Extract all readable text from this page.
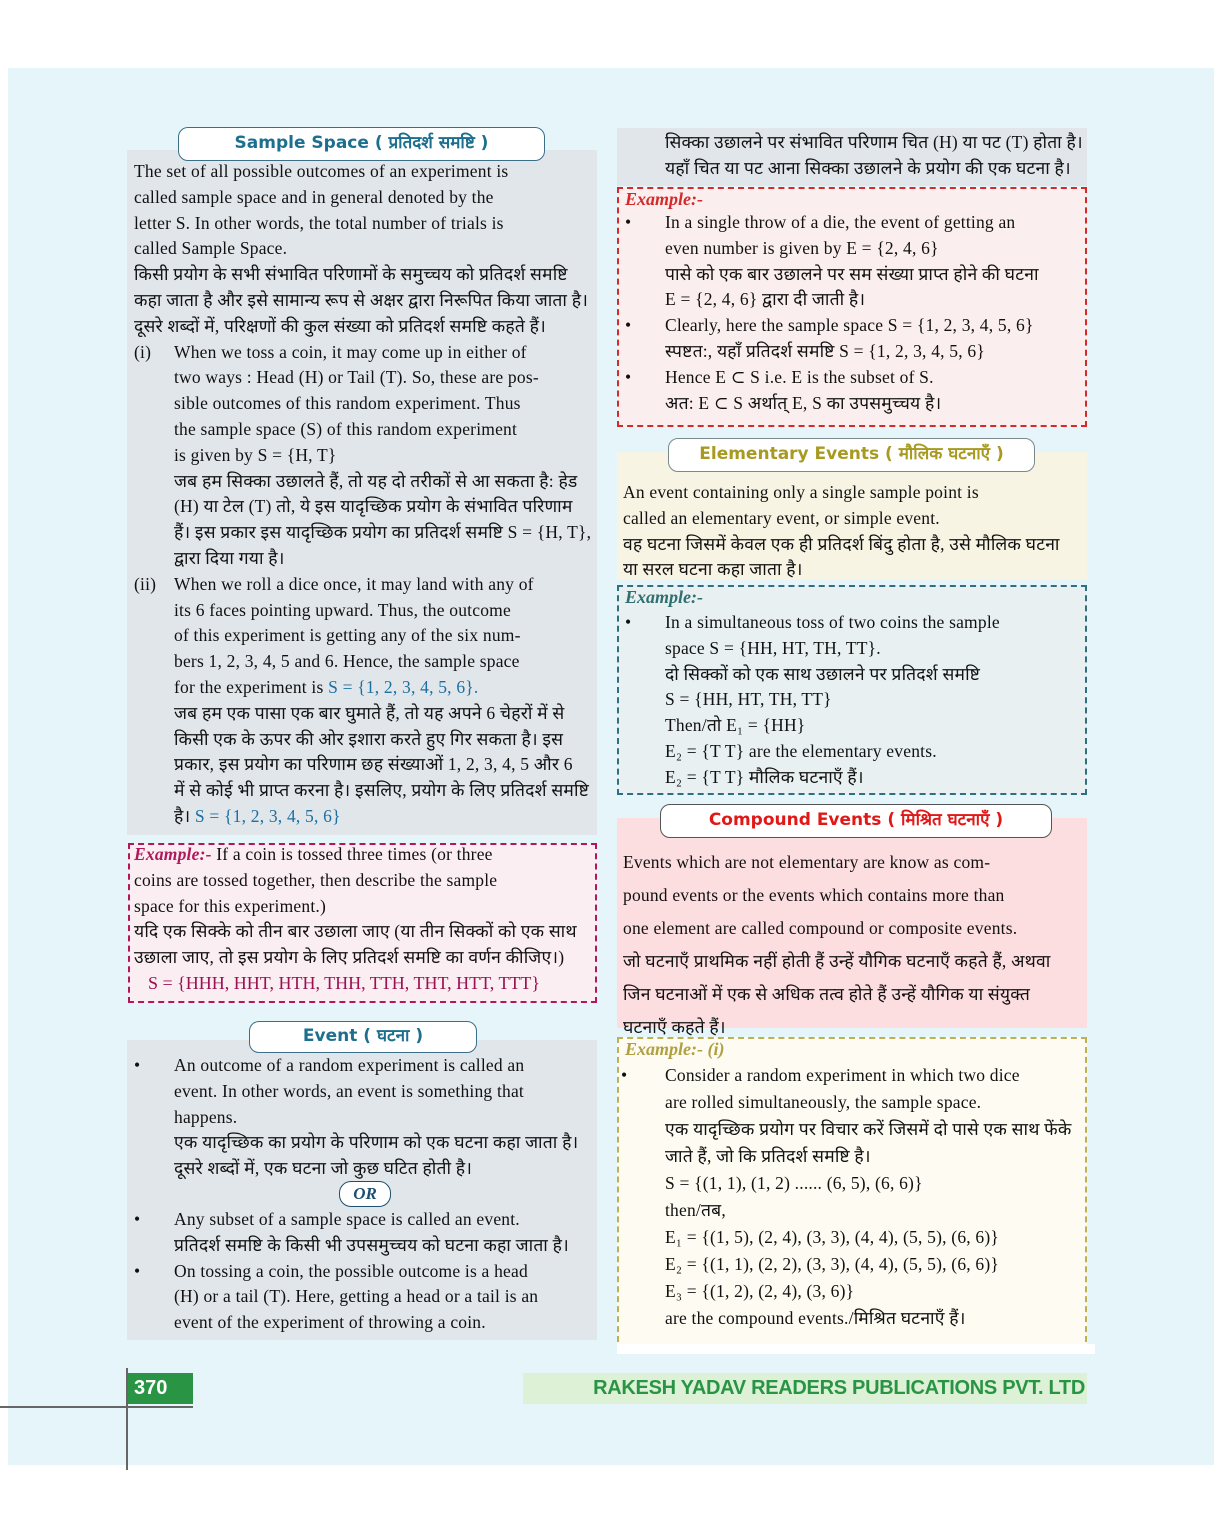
Sample Space ( प्रतिदर्श समष्टि )
The set of all possible outcomes of an experiment is
called sample space and in general denoted by the
letter S. In other words, the total number of trials is
called Sample Space.
किसी प्रयोग के सभी संभावित परिणामों के समुच्चय को प्रतिदर्श समष्टि
कहा जाता है और इसे सामान्य रूप से अक्षर द्वारा निरूपित किया जाता है।
दूसरे शब्दों में, परिक्षणों की कुल संख्या को प्रतिदर्श समष्टि कहते हैं।
(i) When we toss a coin, it may come up in either of
two ways : Head (H) or Tail (T). So, these are pos-
sible outcomes of this random experiment. Thus
the sample space (S) of this random experiment
is given by S = {H, T}
जब हम सिक्का उछालते हैं, तो यह दो तरीकों से आ सकता है: हेड
(H) या टेल (T) तो, ये इस यादृच्छिक प्रयोग के संभावित परिणाम
हैं। इस प्रकार इस यादृच्छिक प्रयोग का प्रतिदर्श समष्टि S = {H, T},
द्वारा दिया गया है।
(ii) When we roll a dice once, it may land with any of
its 6 faces pointing upward. Thus, the outcome
of this experiment is getting any of the six num-
bers 1, 2, 3, 4, 5 and 6. Hence, the sample space
for the experiment is S = {1, 2, 3, 4, 5, 6}.
जब हम एक पासा एक बार घुमाते हैं, तो यह अपने 6 चेहरों में से
किसी एक के ऊपर की ओर इशारा करते हुए गिर सकता है। इस
प्रकार, इस प्रयोग का परिणाम छह संख्याओं 1, 2, 3, 4, 5 और 6
में से कोई भी प्राप्त करना है। इसलिए, प्रयोग के लिए प्रतिदर्श समष्टि
है। S = {1, 2, 3, 4, 5, 6}
Example:- If a coin is tossed three times (or three
coins are tossed together, then describe the sample
space for this experiment.)
यदि एक सिक्के को तीन बार उछाला जाए (या तीन सिक्कों को एक साथ
उछाला जाए, तो इस प्रयोग के लिए प्रतिदर्श समष्टि का वर्णन कीजिए।)
S = {HHH, HHT, HTH, THH, TTH, THT, HTT, TTT}
Event ( घटना )
• An outcome of a random experiment is called an
event. In other words, an event is something that
happens.
एक यादृच्छिक का प्रयोग के परिणाम को एक घटना कहा जाता है।
दूसरे शब्दों में, एक घटना जो कुछ घटित होती है।
OR
• Any subset of a sample space is called an event.
प्रतिदर्श समष्टि के किसी भी उपसमुच्चय को घटना कहा जाता है।
• On tossing a coin, the possible outcome is a head
(H) or a tail (T). Here, getting a head or a tail is an
event of the experiment of throwing a coin.
सिक्का उछालने पर संभावित परिणाम चित (H) या पट (T) होता है।
यहाँ चित या पट आना सिक्का उछालने के प्रयोग की एक घटना है।
Example:-
• In a single throw of a die, the event of getting an
even number is given by E = {2, 4, 6}
पासे को एक बार उछालने पर सम संख्या प्राप्त होने की घटना
E = {2, 4, 6} द्वारा दी जाती है।
• Clearly, here the sample space S = {1, 2, 3, 4, 5, 6}
स्पष्टत:, यहाँ प्रतिदर्श समष्टि S = {1, 2, 3, 4, 5, 6}
• Hence E ⊂ S i.e. E is the subset of S.
अत: E ⊂ S अर्थात् E, S का उपसमुच्चय है।
Elementary Events ( मौलिक घटनाएँ )
An event containing only a single sample point is
called an elementary event, or simple event.
वह घटना जिसमें केवल एक ही प्रतिदर्श बिंदु होता है, उसे मौलिक घटना
या सरल घटना कहा जाता है।
Example:-
• In a simultaneous toss of two coins the sample
space S = {HH, HT, TH, TT}.
दो सिक्कों को एक साथ उछालने पर प्रतिदर्श समष्टि
S = {HH, HT, TH, TT}
Then/तो E₁ = {HH}
E₂ = {T T} are the elementary events.
E₂ = {T T} मौलिक घटनाएँ हैं।
Compound Events ( मिश्रित घटनाएँ )
Events which are not elementary are know as com-
pound events or the events which contains more than
one element are called compound or composite events.
जो घटनाएँ प्राथमिक नहीं होती हैं उन्हें यौगिक घटनाएँ कहते हैं, अथवा
जिन घटनाओं में एक से अधिक तत्व होते हैं उन्हें यौगिक या संयुक्त
घटनाएँ कहते हैं।
Example:- (i)
• Consider a random experiment in which two dice
are rolled simultaneously, the sample space.
एक यादृच्छिक प्रयोग पर विचार करें जिसमें दो पासे एक साथ फेंके
जाते हैं, जो कि प्रतिदर्श समष्टि है।
S = {(1, 1), (1, 2) ...... (6, 5), (6, 6)}
then/तब,
E₁ = {(1, 5), (2, 4), (3, 3), (4, 4), (5, 5), (6, 6)}
E₂ = {(1, 1), (2, 2), (3, 3), (4, 4), (5, 5), (6, 6)}
E₃ = {(1, 2), (2, 4), (3, 6)}
are the compound events./मिश्रित घटनाएँ हैं।
370	RAKESH YADAV READERS PUBLICATIONS PVT. LTD
